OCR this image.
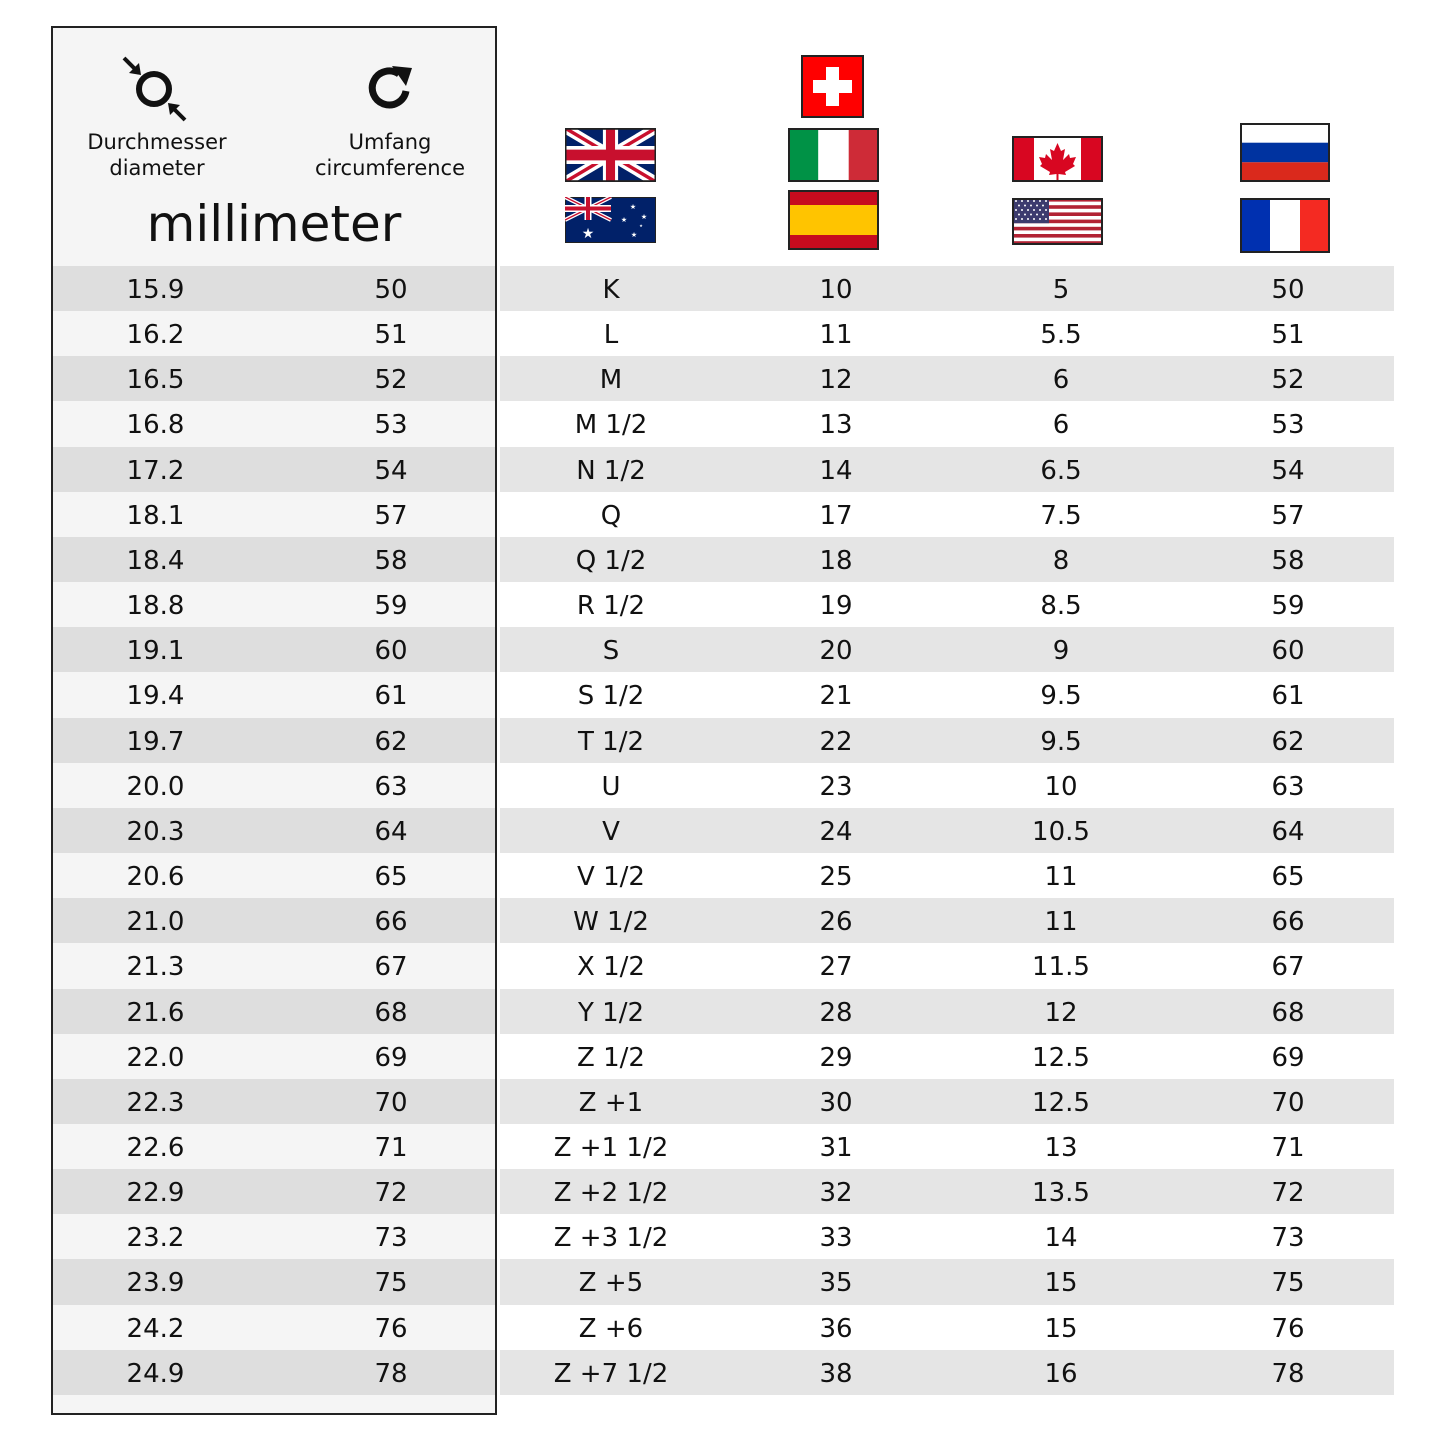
Durchmesser
diameter
Umfang
circumference
millimeter	★
★
★ ★
★
★
15.9	50	K	10	5	50
16.2	51	L	11	5.5	51
16.5	52	M	12	6	52
16.8	53	M 1/2	13	6	53
17.2	54	N 1/2	14	6.5	54
18.1	57	Q	17	7.5	57
18.4	58	Q 1/2	18	8	58
18.8	59	R 1/2	19	8.5	59
19.1	60	S	20	9	60
19.4	61	S 1/2	21	9.5	61
19.7	62	T 1/2	22	9.5	62
20.0	63	U	23	10	63
20.3	64	V	24	10.5	64
20.6	65	V 1/2	25	11	65
21.0	66	W 1/2	26	11	66
21.3	67	X 1/2	27	11.5	67
21.6	68	Y 1/2	28	12	68
22.0	69	Z 1/2	29	12.5	69
22.3	70	Z +1	30	12.5	70
22.6	71	Z +1 1/2	31	13	71
22.9	72	Z +2 1/2	32	13.5	72
23.2	73	Z +3 1/2	33	14	73
23.9	75	Z +5	35	15	75
24.2	76	Z +6	36	15	76
24.9	78	Z +7 1/2	38	16	78
